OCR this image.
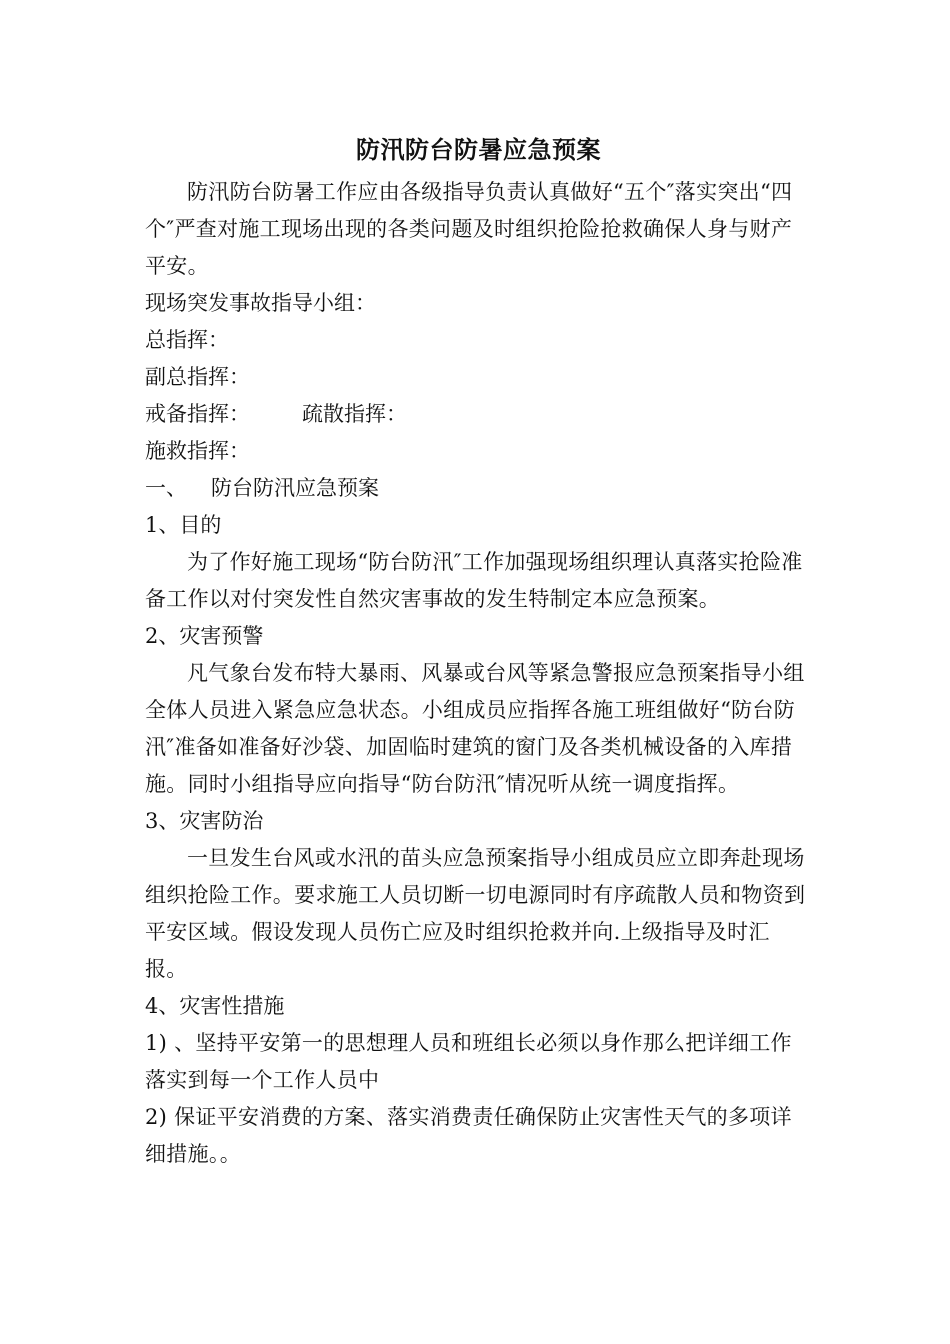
防汛防台防暑应急预案

防汛防台防暑工作应由各级指导负责认真做好“五个″落实突出“四个″严查对施工现场出现的各类问题及时组织抢险抢救确保人身与财产平安。

现场突发事故指导小组：

总指挥：

副总指挥：

戒备指挥： 疏散指挥：

施救指挥：

一、 防台防汛应急预案

1、目的

为了作好施工现场“防台防汛″工作加强现场组织理认真落实抢险准备工作以对付突发性自然灾害事故的发生特制定本应急预案。

2、灾害预警

凡气象台发布特大暴雨、风暴或台风等紧急警报应急预案指导小组全体人员进入紧急应急状态。小组成员应指挥各施工班组做好“防台防汛″准备如准备好沙袋、加固临时建筑的窗门及各类机械设备的入库措施。同时小组指导应向指导“防台防汛″情况听从统一调度指挥。

3、灾害防治

一旦发生台风或水汛的苗头应急预案指导小组成员应立即奔赴现场组织抢险工作。要求施工人员切断一切电源同时有序疏散人员和物资到平安区域。假设发现人员伤亡应及时组织抢救并向.上级指导及时汇报。

4、灾害性措施

1) 、坚持平安第一的思想理人员和班组长必须以身作那么把详细工作落实到每一个工作人员中

2) 保证平安消费的方案、落实消费责任确保防止灾害性天气的多项详细措施。。
